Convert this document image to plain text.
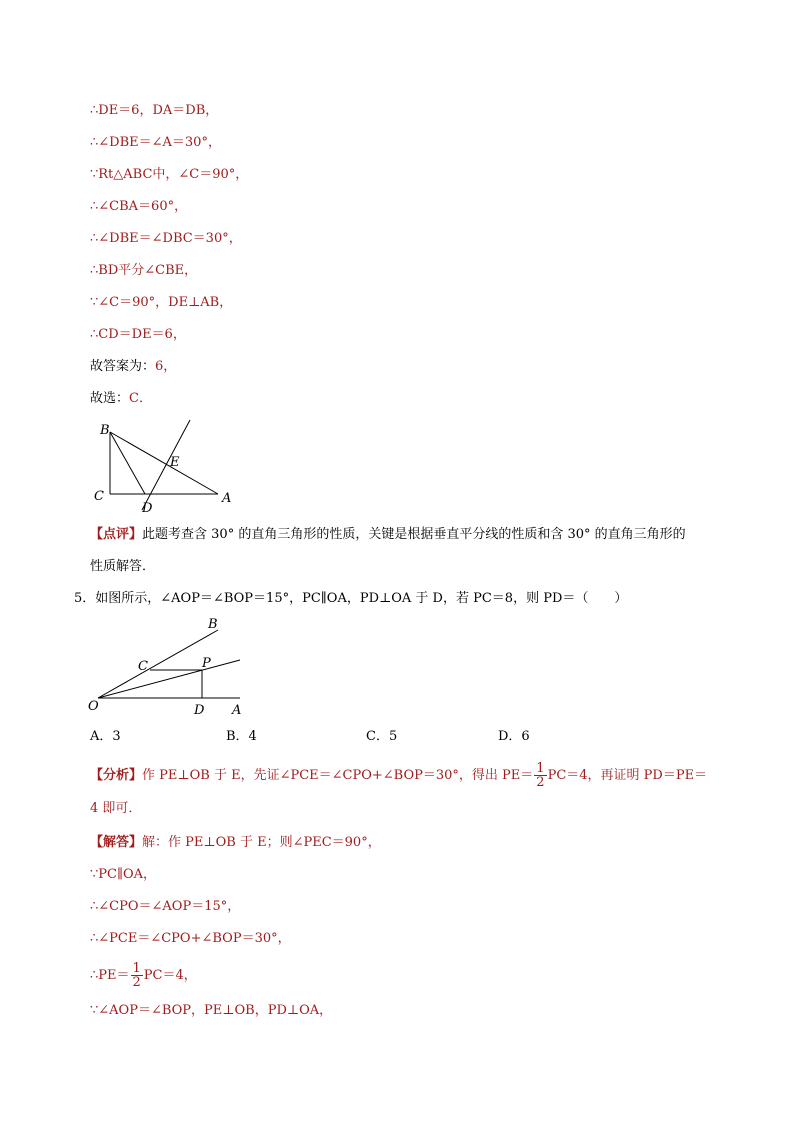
∴DE＝6，DA＝DB，
∴∠DBE＝∠A＝30°，
∵Rt△ABC中，∠C＝90°，
∴∠CBA＝60°，
∴∠DBE＝∠DBC＝30°，
∴BD平分∠CBE，
∵∠C＝90°，DE⊥AB，
∴CD＝DE＝6，
故答案为：6，
故选：C．
B
E
C
D
A
【点评】此题考查含 30° 的直角三角形的性质，关键是根据垂直平分线的性质和含 30° 的直角三角形的
性质解答．
5．如图所示，∠AOP＝∠BOP＝15°，PC∥OA，PD⊥OA 于 D，若 PC＝8，则 PD＝（　　）
B
C	P
O	D A
A．3	B．4	C．5	D．6
【分析】作 PE⊥OB 于 E，先证∠PCE＝∠CPO+∠BOP＝30°，得出 $PE= \frac{1}{2} PC=4$，再证明 PD＝PE＝
4 即可．
【解答】解：作 PE⊥OB 于 E；则∠PEC＝90°，
∵PC∥OA，
∴∠CPO＝∠AOP＝15°，
∴∠PCE＝∠CPO+∠BOP＝30°，
∴PE＝ $\frac{1}{2} PC=4$，
∵∠AOP＝∠BOP，PE⊥OB，PD⊥OA，
